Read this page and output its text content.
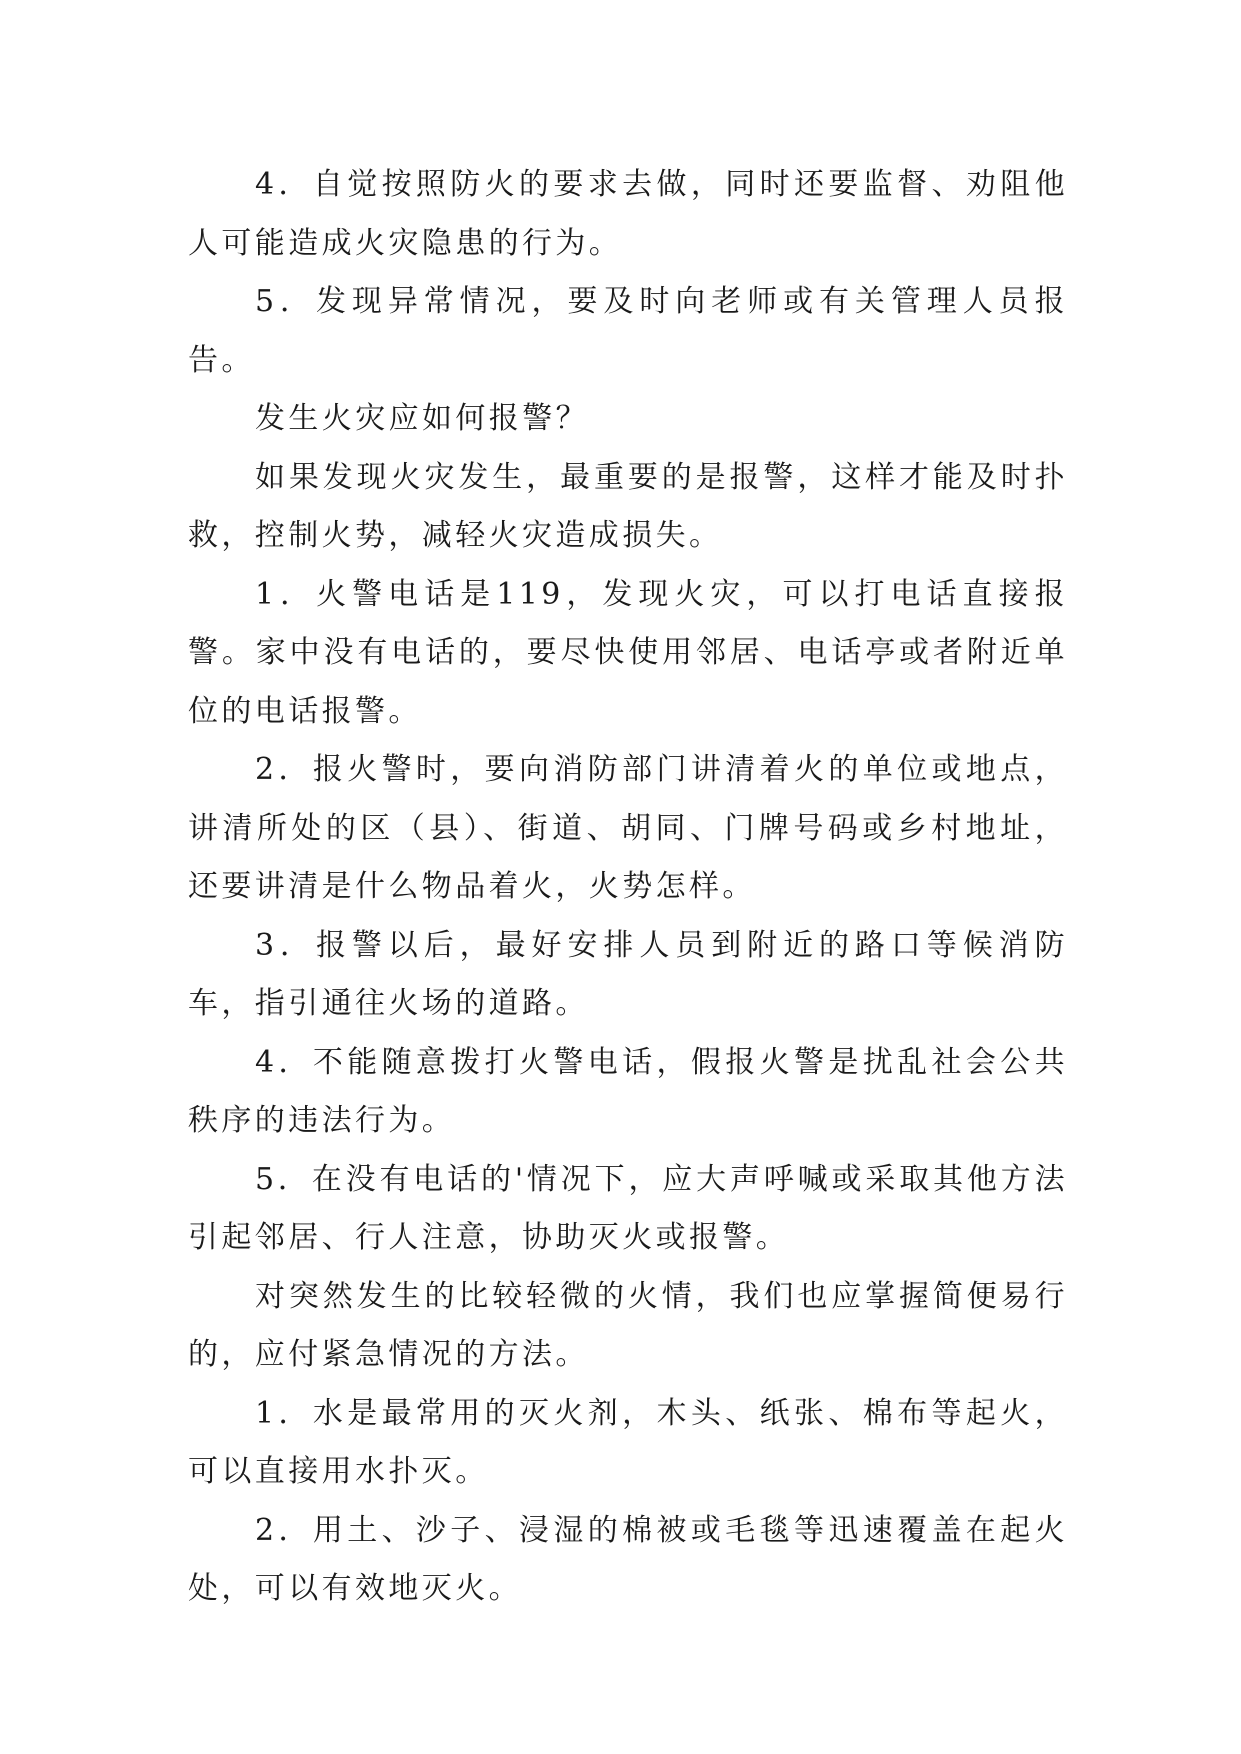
4．自觉按照防火的要求去做，同时还要监督、劝阻他人可能造成火灾隐患的行为。

5．发现异常情况，要及时向老师或有关管理人员报告。

发生火灾应如何报警？

如果发现火灾发生，最重要的是报警，这样才能及时扑救，控制火势，减轻火灾造成损失。

1．火警电话是119，发现火灾，可以打电话直接报警。家中没有电话的，要尽快使用邻居、电话亭或者附近单位的电话报警。

2．报火警时，要向消防部门讲清着火的单位或地点，讲清所处的区（县）、街道、胡同、门牌号码或乡村地址，还要讲清是什么物品着火，火势怎样。

3．报警以后，最好安排人员到附近的路口等候消防车，指引通往火场的道路。

4．不能随意拨打火警电话，假报火警是扰乱社会公共秩序的违法行为。

5．在没有电话的'情况下，应大声呼喊或采取其他方法引起邻居、行人注意，协助灭火或报警。

对突然发生的比较轻微的火情，我们也应掌握简便易行的，应付紧急情况的方法。

1．水是最常用的灭火剂，木头、纸张、棉布等起火，可以直接用水扑灭。

2．用土、沙子、浸湿的棉被或毛毯等迅速覆盖在起火处，可以有效地灭火。
